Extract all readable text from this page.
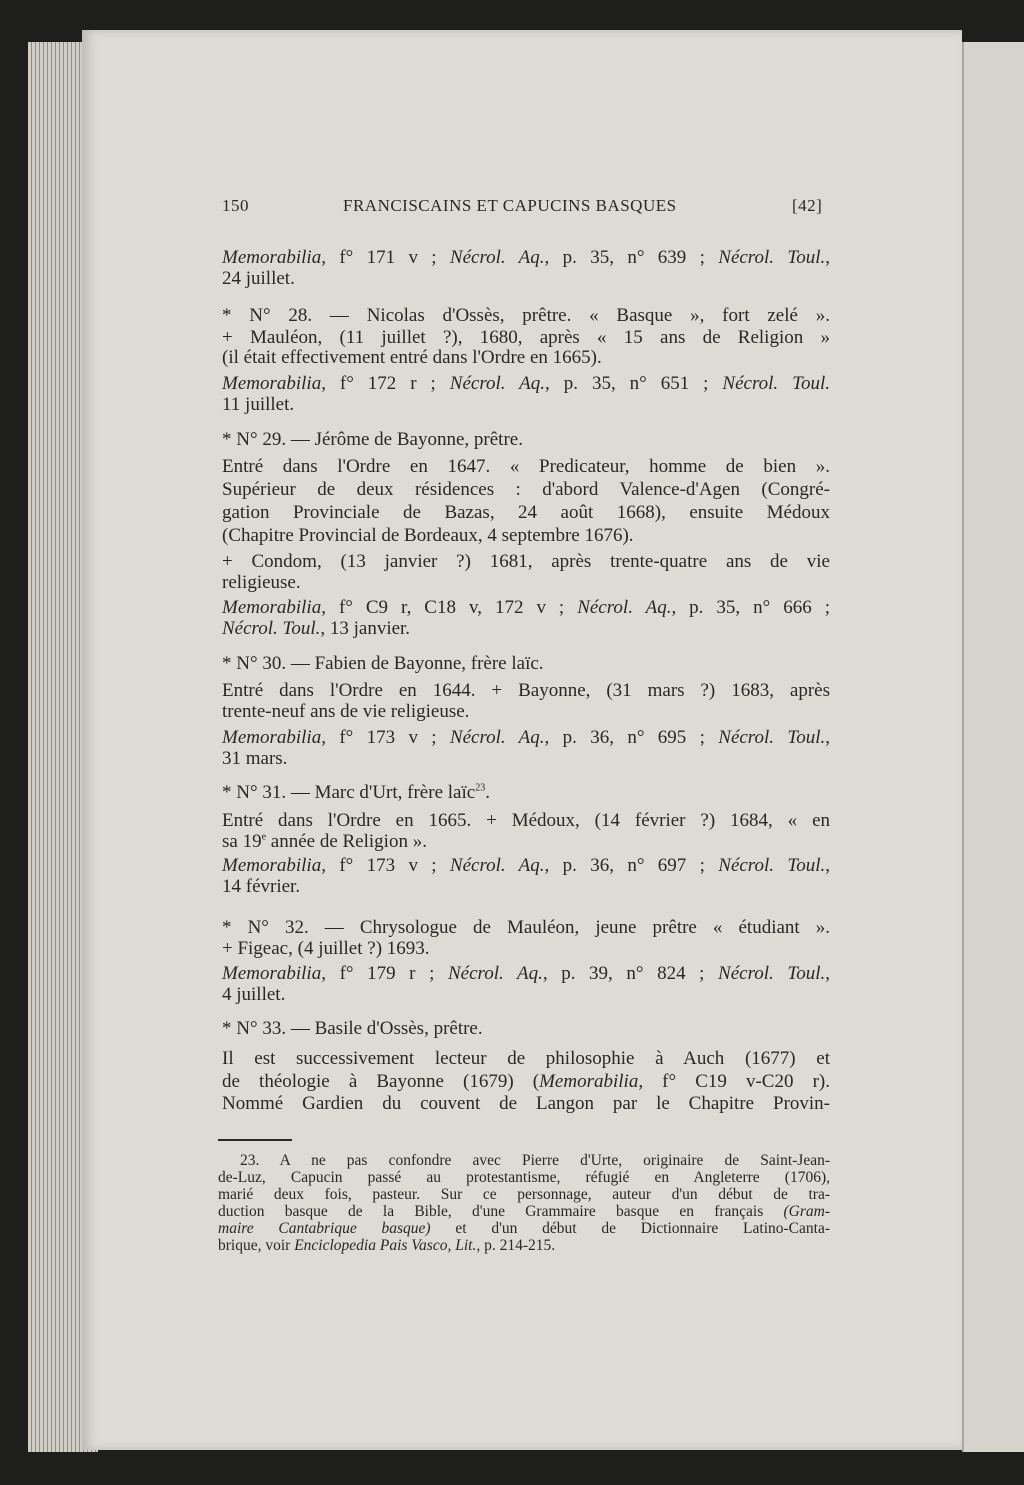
150	FRANCISCAINS ET CAPUCINS BASQUES	[42]
Memorabilia, f° 171 v ; Nécrol. Aq., p. 35, n° 639 ; Nécrol. Toul.,
24 juillet.
* N° 28. — Nicolas d'Ossès, prêtre. « Basque », fort zelé ».
+ Mauléon, (11 juillet ?), 1680, après « 15 ans de Religion »
(il était effectivement entré dans l'Ordre en 1665).
Memorabilia, f° 172 r ; Nécrol. Aq., p. 35, n° 651 ; Nécrol. Toul.
11 juillet.
* N° 29. — Jérôme de Bayonne, prêtre.
Entré dans l'Ordre en 1647. « Predicateur, homme de bien ».
Supérieur de deux résidences : d'abord Valence-d'Agen (Congré-
gation Provinciale de Bazas, 24 août 1668), ensuite Médoux
(Chapitre Provincial de Bordeaux, 4 septembre 1676).
+ Condom, (13 janvier ?) 1681, après trente-quatre ans de vie
religieuse.
Memorabilia, f° C9 r, C18 v, 172 v ; Nécrol. Aq., p. 35, n° 666 ;
Nécrol. Toul., 13 janvier.
* N° 30. — Fabien de Bayonne, frère laïc.
Entré dans l'Ordre en 1644. + Bayonne, (31 mars ?) 1683, après
trente-neuf ans de vie religieuse.
Memorabilia, f° 173 v ; Nécrol. Aq., p. 36, n° 695 ; Nécrol. Toul.,
31 mars.
* N° 31. — Marc d'Urt, frère laïc$^{23}$.
Entré dans l'Ordre en 1665. + Médoux, (14 février ?) 1684, « en
sa 19e année de Religion ».
Memorabilia, f° 173 v ; Nécrol. Aq., p. 36, n° 697 ; Nécrol. Toul.,
14 février.
* N° 32. — Chrysologue de Mauléon, jeune prêtre « étudiant ».
+ Figeac, (4 juillet ?) 1693.
Memorabilia, f° 179 r ; Nécrol. Aq., p. 39, n° 824 ; Nécrol. Toul.,
4 juillet.
* N° 33. — Basile d'Ossès, prêtre.
Il est successivement lecteur de philosophie à Auch (1677) et
de théologie à Bayonne (1679) (Memorabilia, f° C19 v-C20 r).
Nommé Gardien du couvent de Langon par le Chapitre Provin-
23. A ne pas confondre avec Pierre d'Urte, originaire de Saint-Jean-
de-Luz, Capucin passé au protestantisme, réfugié en Angleterre (1706),
marié deux fois, pasteur. Sur ce personnage, auteur d'un début de tra-
duction basque de la Bible, d'une Grammaire basque en français (Gram-
maire Cantabrique basque) et d'un début de Dictionnaire Latino-Canta-
brique, voir Enciclopedia Pais Vasco, Lit., p. 214-215.
